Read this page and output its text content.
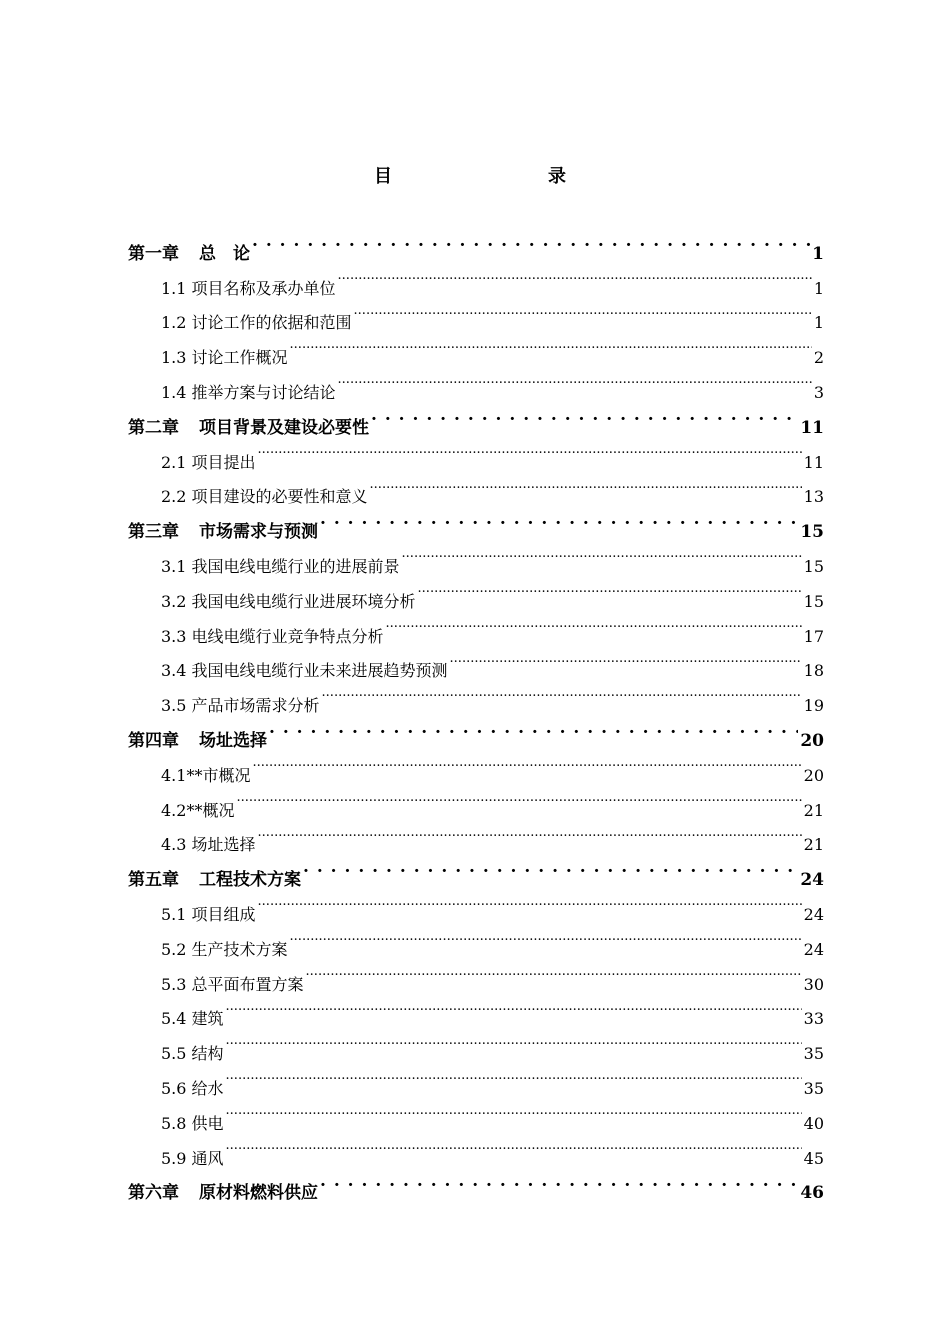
目　　录
第一章 总　论 . . .	1
1.1 项目名称及承办单位 .....	1
1.2 讨论工作的依据和范围 .....	1
1.3 讨论工作概况 .....	2
1.4 推举方案与讨论结论 .....	3
第二章 项目背景及建设必要性 . . .	11
2.1 项目提出 .....	11
2.2 项目建设的必要性和意义 .....	13
第三章 市场需求与预测 . . .	15
3.1 我国电线电缆行业的进展前景 .....	15
3.2 我国电线电缆行业进展环境分析 .....	15
3.3 电线电缆行业竞争特点分析 .....	17
3.4 我国电线电缆行业未来进展趋势预测 .....	18
3.5 产品市场需求分析 .....	19
第四章 场址选择 . . .	20
4.1**市概况 .....	20
4.2**概况 .....	21
4.3 场址选择 .....	21
第五章 工程技术方案 . . .	24
5.1 项目组成 .....	24
5.2 生产技术方案 .....	24
5.3 总平面布置方案 .....	30
5.4 建筑 .....	33
5.5 结构 .....	35
5.6 给水 .....	35
5.8 供电 .....	40
5.9 通风 .....	45
第六章 原材料燃料供应 . . .	46
